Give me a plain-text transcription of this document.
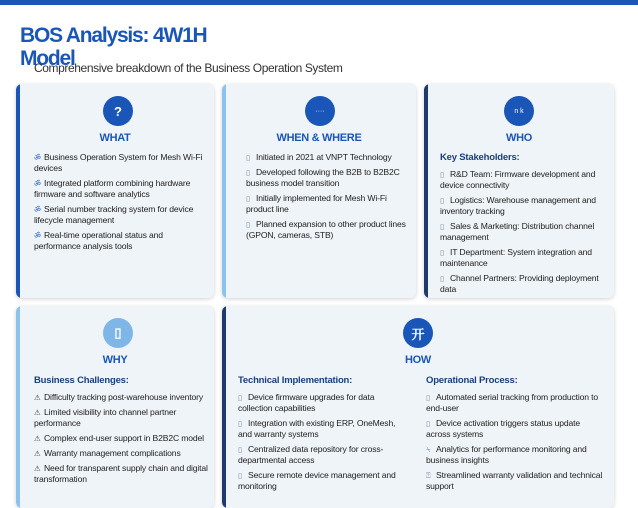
BOS Analysis: 4W1H Model
Comprehensive breakdown of the Business Operation System
?
WHAT
ॐ Business Operation System for Mesh Wi-Fi devices
ॐ Integrated platform combining hardware firmware and software analytics
ॐ Serial number tracking system for device lifecycle management
ॐ Real-time operational status and performance analysis tools
····
WHEN & WHERE
▯ Initiated in 2021 at VNPT Technology
▯ Developed following the B2B to B2B2C business model transition
▯ Initially implemented for Mesh Wi-Fi product line
▯ Planned expansion to other product lines (GPON, cameras, STB)
n k
WHO
Key Stakeholders:
▯ R&D Team: Firmware development and device connectivity
▯ Logistics: Warehouse management and inventory tracking
▯ Sales & Marketing: Distribution channel management
▯ IT Department: System integration and maintenance
▯ Channel Partners: Providing deployment data
▯
WHY
Business Challenges:
⚠ Difficulty tracking post-warehouse inventory
⚠ Limited visibility into channel partner performance
⚠ Complex end-user support in B2B2C model
⚠ Warranty management complications
⚠ Need for transparent supply chain and digital transformation
开
HOW
Technical Implementation:
▯ Device firmware upgrades for data collection capabilities
▯ Integration with existing ERP, OneMesh, and warranty systems
▯ Centralized data repository for cross- departmental access
▯ Secure remote device management and monitoring
Operational Process:
▯ Automated serial tracking from production to end-user
▯ Device activation triggers status update across systems
⍀ Analytics for performance monitoring and business insights
⍰ Streamlined warranty validation and technical support
